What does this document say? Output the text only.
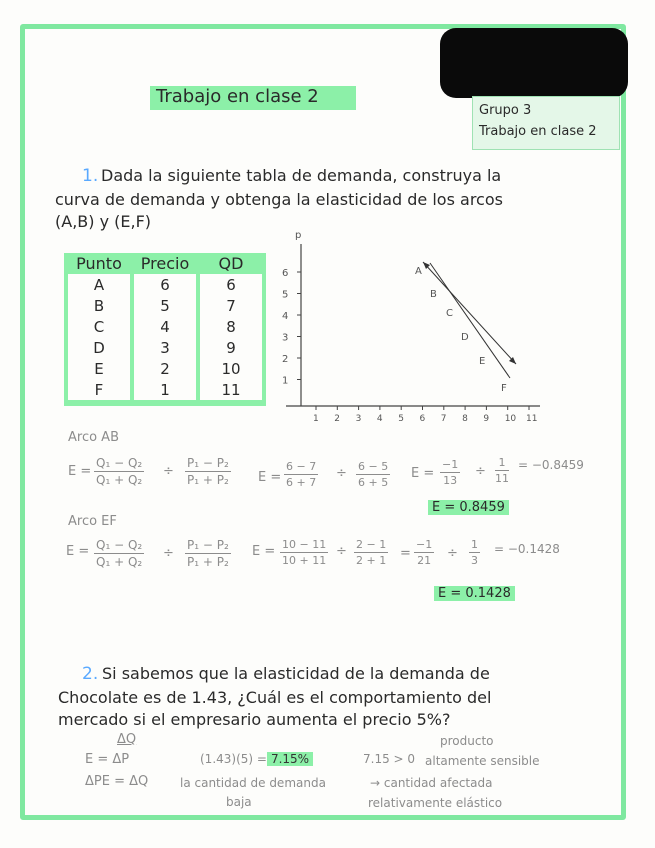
Trabajo en clase 2
Grupo 3
Trabajo en clase 2
1. Dada la siguiente tabla de demanda, construya la
curva de demanda y obtenga la elasticidad de los arcos
(A,B) y (E,F)
Punto	Precio	QD
A	6	6
B	5	7
C	4	8
D	3	9
E	2	10
F	1	11
p
6
5
4
3
2
1
1 2 3 4 5 6 7 8 9 10 11
A
B
C
D
E
F
Arco AB
$E = \frac{\text{Q₁ − Q₂}}{\text{Q₁ + Q₂}} \div \frac{\text{P₁ − P₂}}{\text{P₁ + P₂}}$ $E = \frac{6 - 7}{6 + 7} \div \frac{6 - 5}{6 + 5}$ $E = \frac{-1}{13} \div \frac{1}{11} = -0.8459$
E = 0.8459
Arco EF
$E = \frac{\text{Q₁ − Q₂}}{\text{Q₁ + Q₂}} \div \frac{\text{P₁ − P₂}}{\text{P₁ + P₂}}$ $E = \frac{10 - 11}{10 + 11} \div \frac{2 - 1}{2 + 1} = \frac{-1}{21} \div \frac{1}{3} = -0.1428$
E = 0.1428
2. Si sabemos que la elasticidad de la demanda de
Chocolate es de 1.43, ¿Cuál es el comportamiento del
mercado si el empresario aumenta el precio 5%?
ΔQ
E = ΔP	(1.43)(5) = 7.15%	7.15 > 0
producto
altamente sensible
ΔPE = ΔQ	la cantidad de demanda
baja
→ cantidad afectada
relativamente elástico
